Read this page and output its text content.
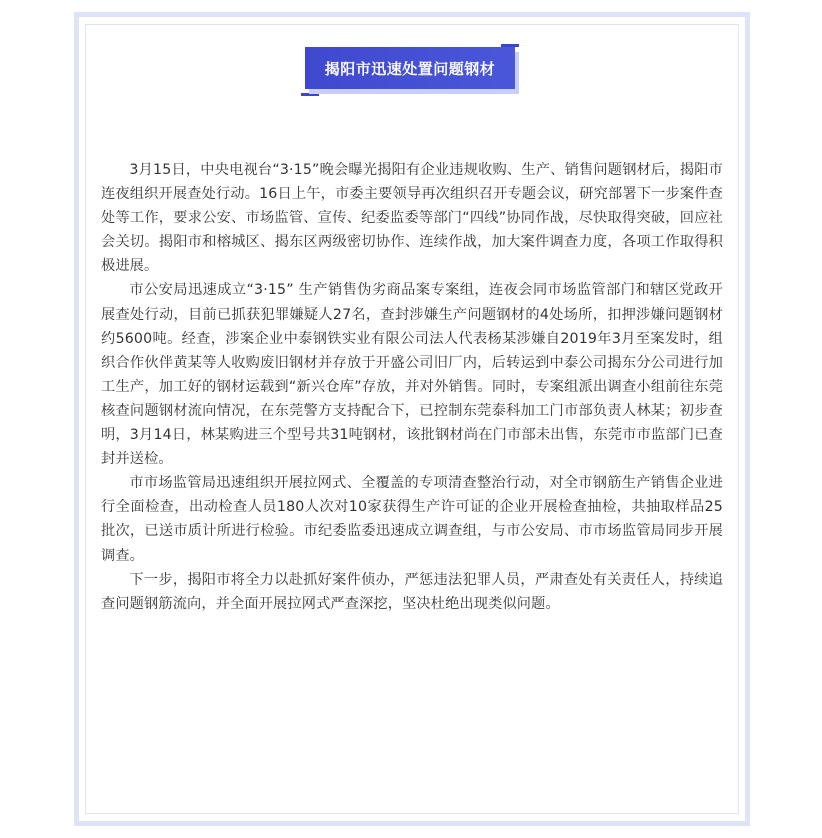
揭阳市迅速处置问题钢材

3月15日，中央电视台“3·15”晚会曝光揭阳有企业违规收购、生产、销售问题钢材后，揭阳市连夜组织开展查处行动。16日上午，市委主要领导再次组织召开专题会议，研究部署下一步案件查处等工作，要求公安、市场监管、宣传、纪委监委等部门“四线”协同作战，尽快取得突破，回应社会关切。揭阳市和榕城区、揭东区两级密切协作、连续作战，加大案件调查力度，各项工作取得积极进展。

市公安局迅速成立“3·15” 生产销售伪劣商品案专案组，连夜会同市场监管部门和辖区党政开展查处行动，目前已抓获犯罪嫌疑人27名，查封涉嫌生产问题钢材的4处场所，扣押涉嫌问题钢材约5600吨。经查，涉案企业中泰钢铁实业有限公司法人代表杨某涉嫌自2019年3月至案发时，组织合作伙伴黄某等人收购废旧钢材并存放于开盛公司旧厂内，后转运到中泰公司揭东分公司进行加工生产，加工好的钢材运载到“新兴仓库”存放，并对外销售。同时，专案组派出调查小组前往东莞核查问题钢材流向情况，在东莞警方支持配合下，已控制东莞泰科加工门市部负责人林某；初步查明，3月14日，林某购进三个型号共31吨钢材，该批钢材尚在门市部未出售，东莞市市监部门已查封并送检。

市市场监管局迅速组织开展拉网式、全覆盖的专项清查整治行动，对全市钢筋生产销售企业进行全面检查，出动检查人员180人次对10家获得生产许可证的企业开展检查抽检，共抽取样品25批次，已送市质计所进行检验。市纪委监委迅速成立调查组，与市公安局、市市场监管局同步开展调查。

下一步，揭阳市将全力以赴抓好案件侦办，严惩违法犯罪人员，严肃查处有关责任人，持续追查问题钢筋流向，并全面开展拉网式严查深挖，坚决杜绝出现类似问题。
